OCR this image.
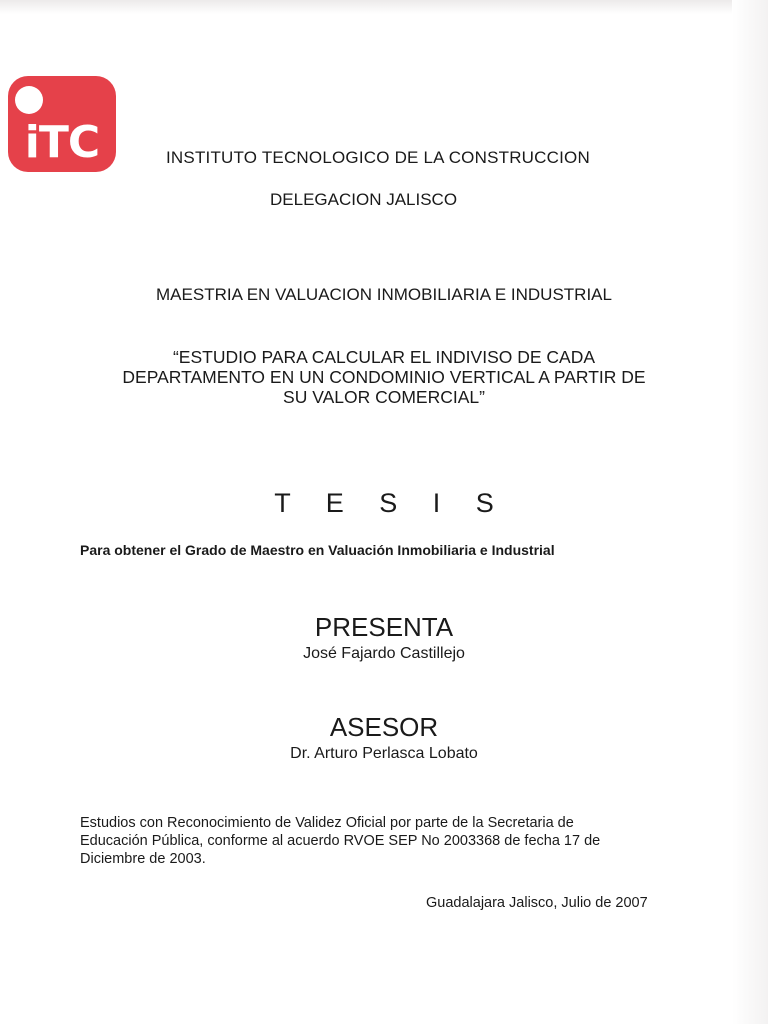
iTC	INSTITUTO TECNOLOGICO DE LA CONSTRUCCION
DELEGACION JALISCO
MAESTRIA EN VALUACION INMOBILIARIA E INDUSTRIAL
“ESTUDIO PARA CALCULAR EL INDIVISO DE CADA
DEPARTAMENTO EN UN CONDOMINIO VERTICAL A PARTIR DE
SU VALOR COMERCIAL”
T E S I S
Para obtener el Grado de Maestro en Valuación Inmobiliaria e Industrial
PRESENTA
José Fajardo Castillejo
ASESOR
Dr. Arturo Perlasca Lobato
Estudios con Reconocimiento de Validez Oficial por parte de la Secretaria de
Educación Pública, conforme al acuerdo RVOE SEP No 2003368 de fecha 17 de
Diciembre de 2003.
Guadalajara Jalisco, Julio de 2007
